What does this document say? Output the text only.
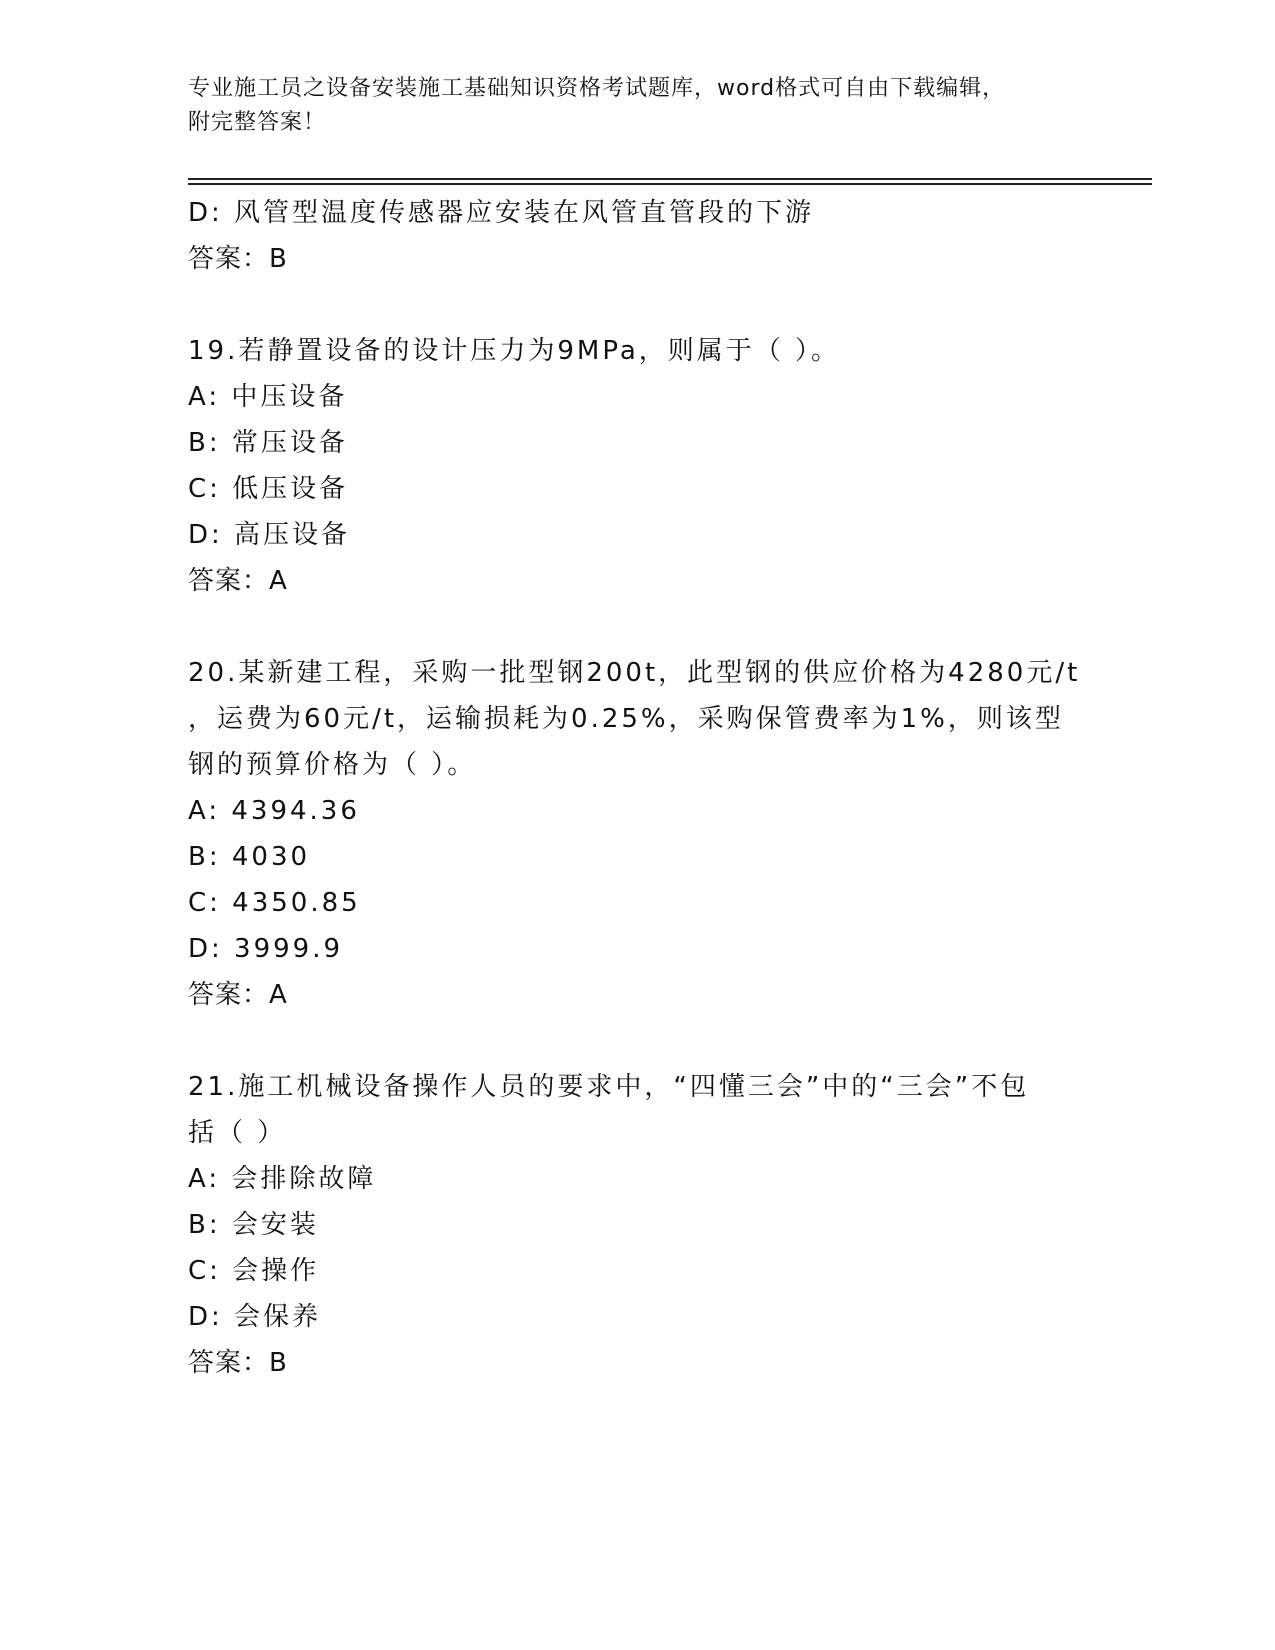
专业施工员之设备安装施工基础知识资格考试题库，word格式可自由下载编辑，
附完整答案！
D: 风管型温度传感器应安装在风管直管段的下游
答案：B
19.若静置设备的设计压力为9MPa，则属于（ ）。
A: 中压设备
B: 常压设备
C: 低压设备
D: 高压设备
答案：A
20.某新建工程，采购一批型钢200t，此型钢的供应价格为4280元/t
，运费为60元/t，运输损耗为0.25%，采购保管费率为1%，则该型
钢的预算价格为（ ）。
A: 4394.36
B: 4030
C: 4350.85
D: 3999.9
答案：A
21.施工机械设备操作人员的要求中，“四懂三会”中的“三会”不包
括（ ）
A: 会排除故障
B: 会安装
C: 会操作
D: 会保养
答案：B
